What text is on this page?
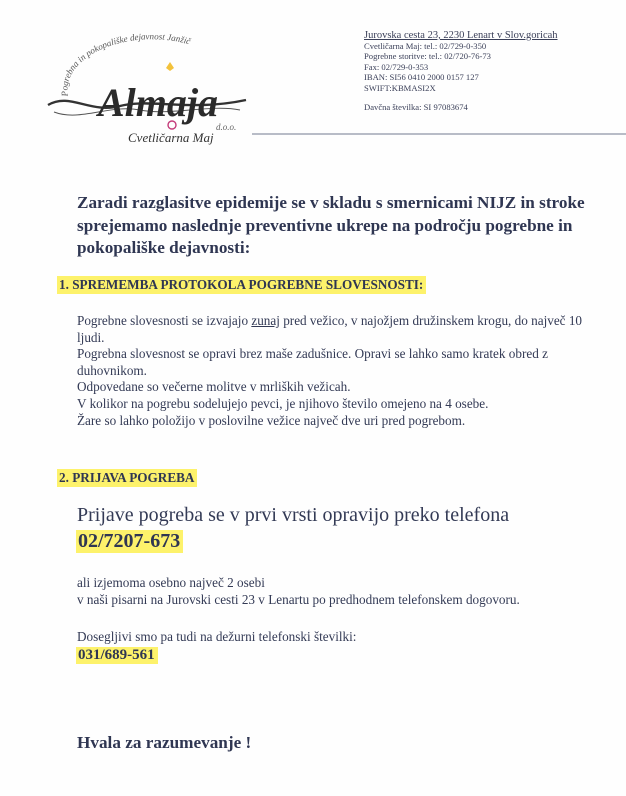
Pogrebna in pokopališke dejavnost Janžič
Almaja
d.o.o.
Cvetličarna Maj
Jurovska cesta 23, 2230 Lenart v Slov.goricah
Cvetličarna Maj: tel.: 02/729-0-350
Pogrebne storitve: tel.: 02/720-76-73
Fax: 02/729-0-353
IBAN: SI56 0410 2000 0157 127
SWIFT:KBMASI2X
Davčna številka: SI 97083674
Zaradi razglasitve epidemije se v skladu s smernicami NIJZ in stroke sprejemamo naslednje preventivne ukrepe na področju pogrebne in pokopališke dejavnosti:
1. SPREMEMBA PROTOKOLA POGREBNE SLOVESNOSTI:

Pogrebne slovesnosti se izvajajo zunaj pred vežico, v najožjem družinskem krogu, do največ 10 ljudi.

Pogrebna slovesnost se opravi brez maše zadušnice. Opravi se lahko samo kratek obred z duhovnikom.

Odpovedane so večerne molitve v mrliških vežicah.

V kolikor na pogrebu sodelujejo pevci, je njihovo število omejeno na 4 osebe.

Žare so lahko položijo v poslovilne vežice največ dve uri pred pogrebom.

2. PRIJAVA POGREBA
Prijave pogreba se v prvi vrsti opravijo preko telefona
02/7207-673

ali izjemoma osebno največ 2 osebi

v naši pisarni na Jurovski cesti 23 v Lenartu po predhodnem telefonskem dogovoru.

Dosegljivi smo pa tudi na dežurni telefonski številki:

031/689-561
Hvala za razumevanje !
